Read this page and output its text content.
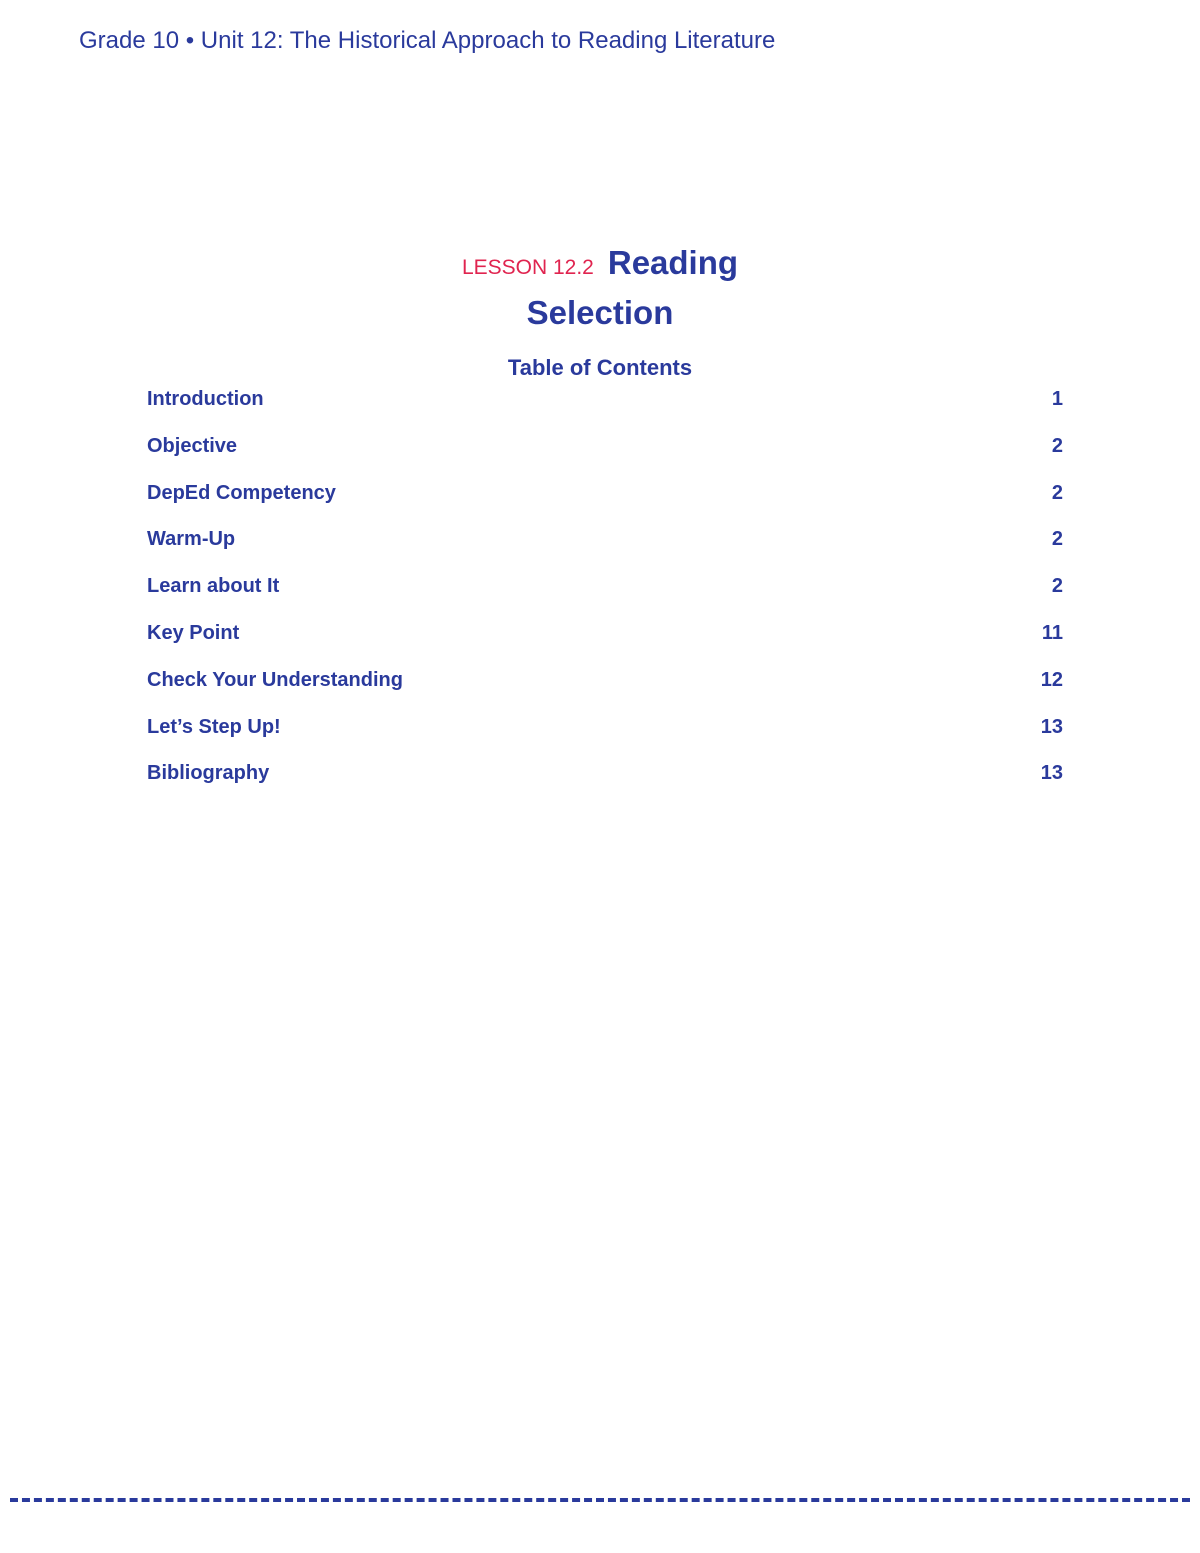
Grade 10 • Unit 12: The Historical Approach to Reading Literature
LESSON 12.2 Reading
Selection
Table of Contents
Introduction	1
Objective	2
DepEd Competency	2
Warm-Up	2
Learn about It	2
Key Point	11
Check Your Understanding	12
Let’s Step Up!	13
Bibliography	13
